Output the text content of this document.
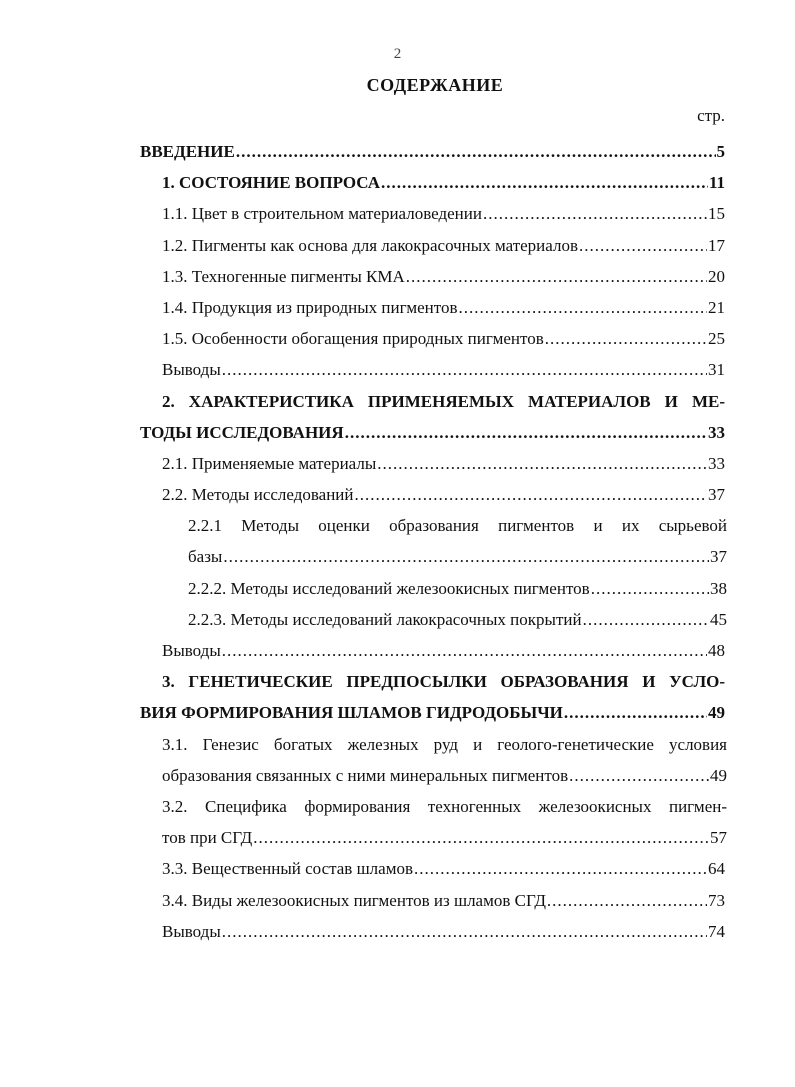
2
СОДЕРЖАНИЕ
стр.
ВВЕДЕНИЕ .....	5
1. СОСТОЯНИЕ ВОПРОСА .....	11
1.1. Цвет в строительном материаловедении .....	15
1.2. Пигменты как основа для лакокрасочных материалов .....	17
1.3. Техногенные пигменты КМА .....	20
1.4. Продукция из природных пигментов .....	21
1.5. Особенности обогащения природных пигментов .....	25
Выводы .....	31
2. ХАРАКТЕРИСТИКА ПРИМЕНЯЕМЫХ МАТЕРИАЛОВ И МЕ-
ТОДЫ ИССЛЕДОВАНИЯ .....	33
2.1. Применяемые материалы .....	33
2.2. Методы исследований .....	37
2.2.1 Методы оценки образования пигментов и их сырьевой
базы .....	37
2.2.2. Методы исследований железоокисных пигментов .....	38
2.2.3. Методы исследований лакокрасочных покрытий .....	45
Выводы .....	48
3. ГЕНЕТИЧЕСКИЕ ПРЕДПОСЫЛКИ ОБРАЗОВАНИЯ И УСЛО-
ВИЯ ФОРМИРОВАНИЯ ШЛАМОВ ГИДРОДОБЫЧИ .....	49
3.1. Генезис богатых железных руд и геолого-генетические условия
образования связанных с ними минеральных пигментов .....	49
3.2. Специфика формирования техногенных железоокисных пигмен-
тов при СГД .....	57
3.3. Вещественный состав шламов .....	64
3.4. Виды железоокисных пигментов из шламов СГД .....	73
Выводы .....	74
